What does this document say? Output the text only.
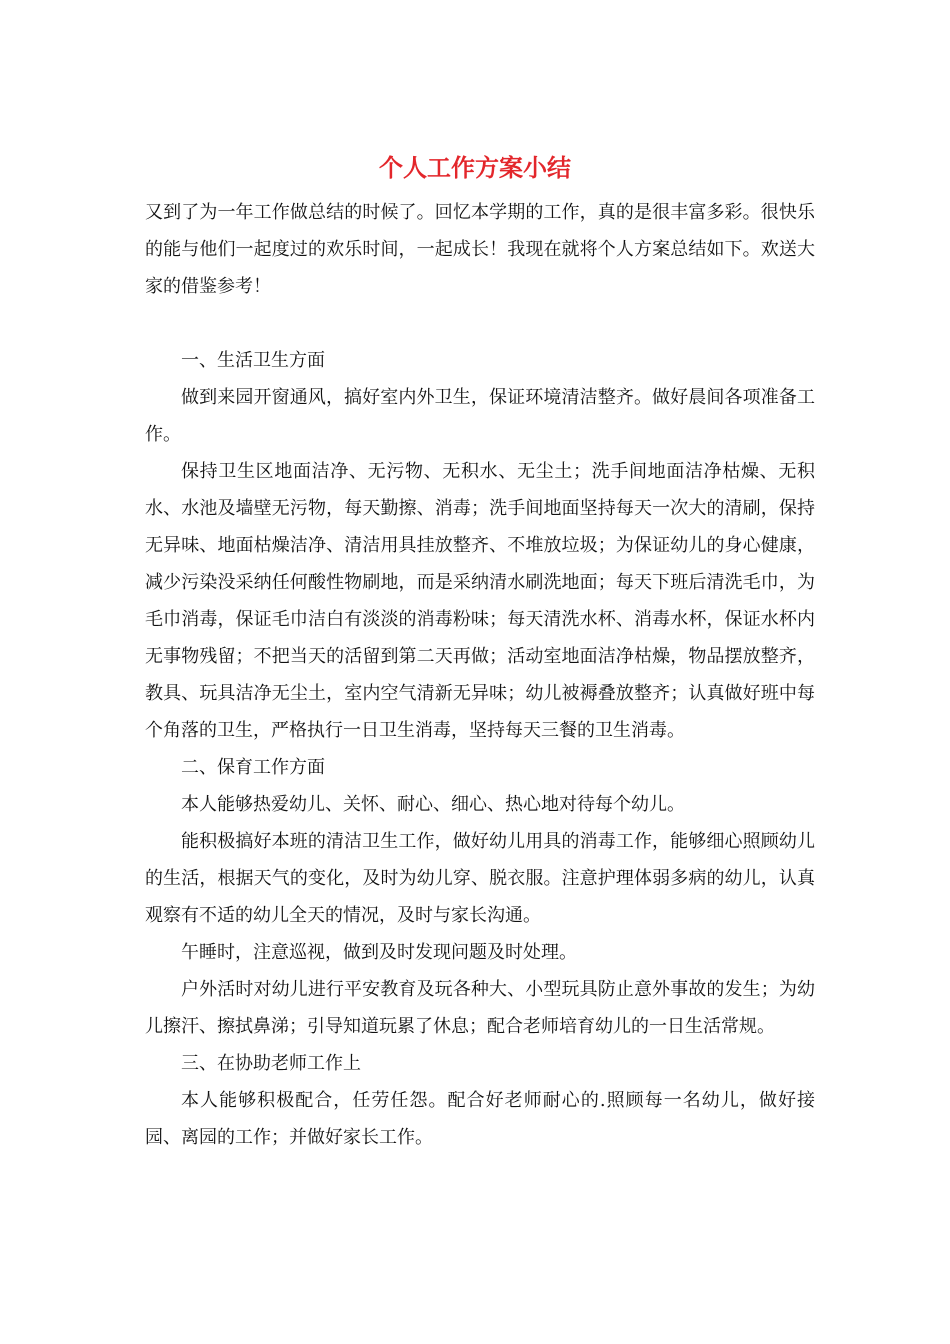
个人工作方案小结

又到了为一年工作做总结的时候了。回忆本学期的工作，真的是很丰富多彩。很快乐的能与他们一起度过的欢乐时间，一起成长！我现在就将个人方案总结如下。欢送大家的借鉴参考！

一、生活卫生方面

做到来园开窗通风，搞好室内外卫生，保证环境清洁整齐。做好晨间各项准备工作。

保持卫生区地面洁净、无污物、无积水、无尘土；洗手间地面洁净枯燥、无积水、水池及墙壁无污物，每天勤擦、消毒；洗手间地面坚持每天一次大的清刷，保持无异味、地面枯燥洁净、清洁用具挂放整齐、不堆放垃圾；为保证幼儿的身心健康，减少污染没采纳任何酸性物刷地，而是采纳清水刷洗地面；每天下班后清洗毛巾，为毛巾消毒，保证毛巾洁白有淡淡的消毒粉味；每天清洗水杯、消毒水杯，保证水杯内无事物残留；不把当天的活留到第二天再做；活动室地面洁净枯燥，物品摆放整齐，教具、玩具洁净无尘土，室内空气清新无异味；幼儿被褥叠放整齐；认真做好班中每个角落的卫生，严格执行一日卫生消毒，坚持每天三餐的卫生消毒。

二、保育工作方面

本人能够热爱幼儿、关怀、耐心、细心、热心地对待每个幼儿。

能积极搞好本班的清洁卫生工作，做好幼儿用具的消毒工作，能够细心照顾幼儿的生活，根据天气的变化，及时为幼儿穿、脱衣服。注意护理体弱多病的幼儿，认真观察有不适的幼儿全天的情况，及时与家长沟通。

午睡时，注意巡视，做到及时发现问题及时处理。

户外活时对幼儿进行平安教育及玩各种大、小型玩具防止意外事故的发生；为幼儿擦汗、擦拭鼻涕；引导知道玩累了休息；配合老师培育幼儿的一日生活常规。

三、在协助老师工作上

本人能够积极配合，任劳任怨。配合好老师耐心的.照顾每一名幼儿，做好接园、离园的工作；并做好家长工作。
